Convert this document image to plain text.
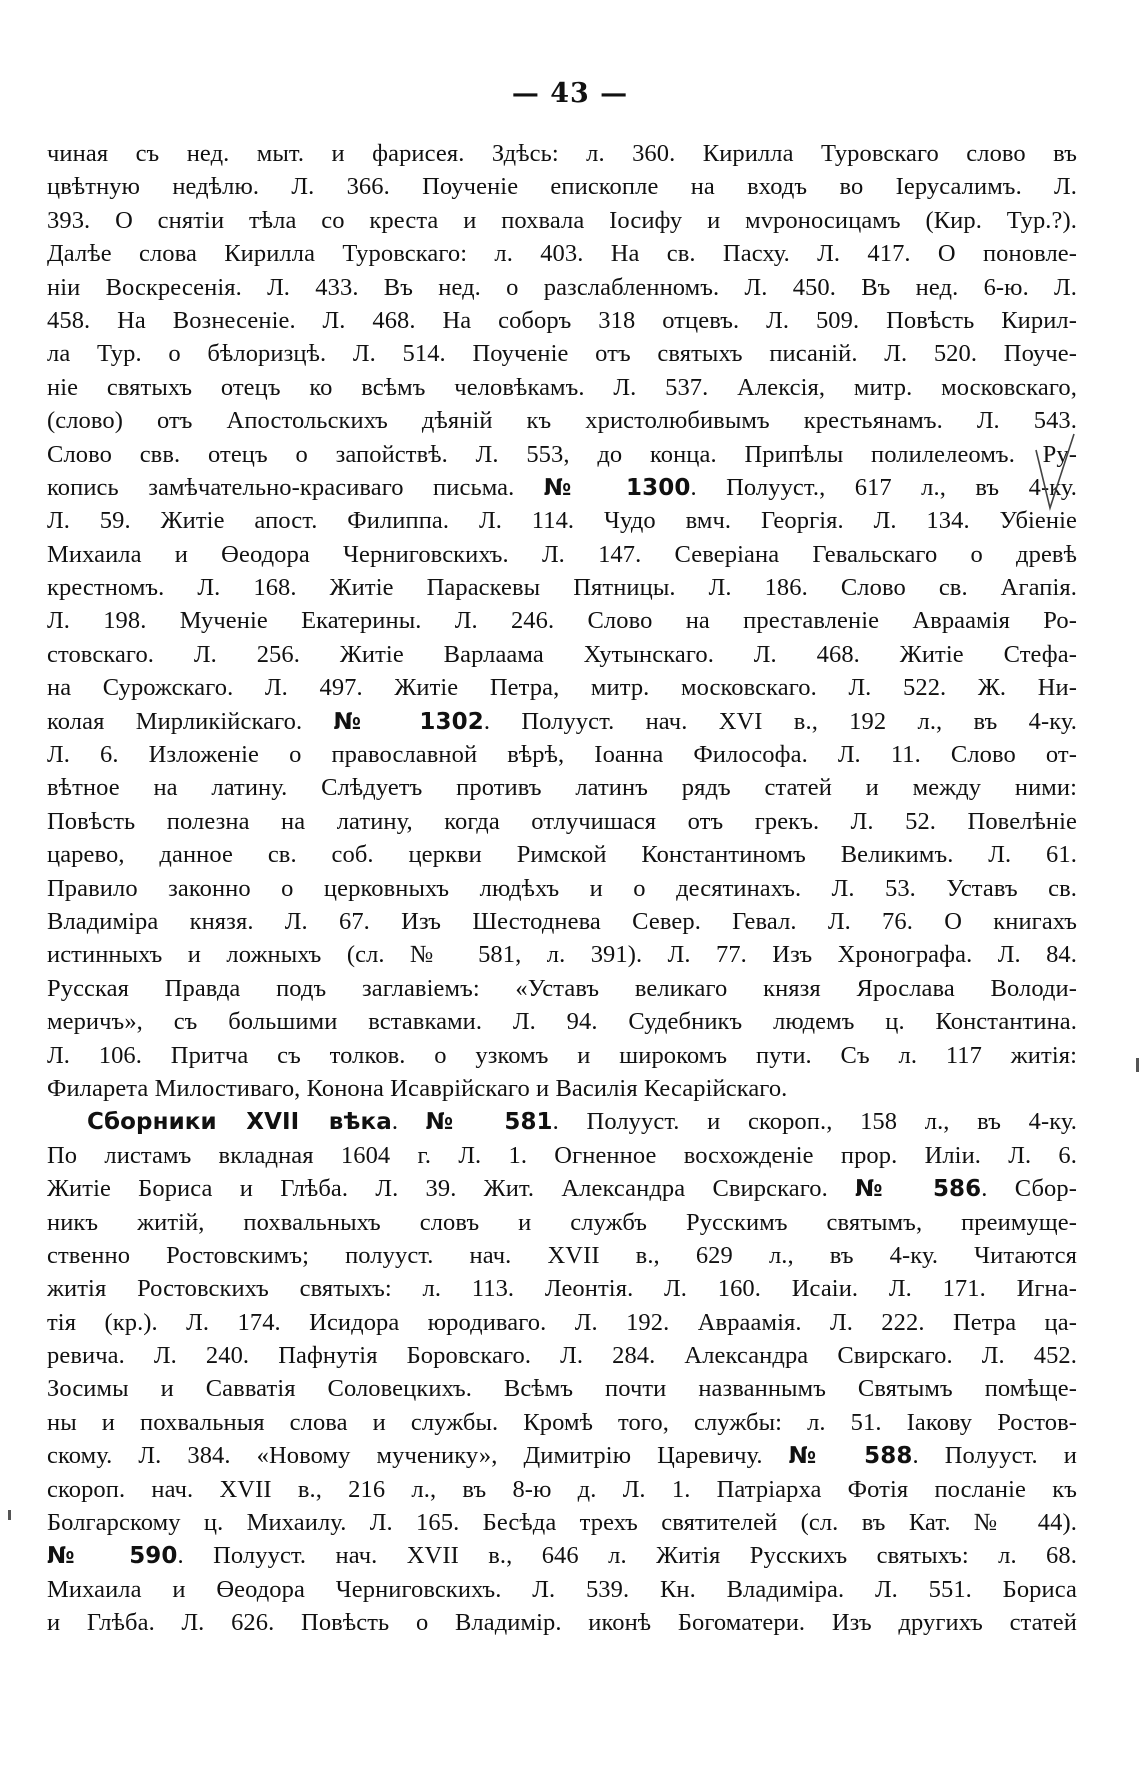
— 43 —
чиная съ нед. мыт. и фарисея. Здѣсь: л. 360. Кирилла Туровскаго слово въ
цвѣтную недѣлю. Л. 366. Поученіе епископле на входъ во Іерусалимъ. Л.
393. О снятіи тѣла со креста и похвала Іосифу и мvроносицамъ (Кир. Тур.?).
Далѣе слова Кирилла Туровскаго: л. 403. На св. Пасху. Л. 417. О поновле-
ніи Воскресенія. Л. 433. Въ нед. о разслабленномъ. Л. 450. Въ нед. 6-ю. Л.
458. На Вознесеніе. Л. 468. На соборъ 318 отцевъ. Л. 509. Повѣсть Кирил-
ла Тур. о бѣлоризцѣ. Л. 514. Поученіе отъ святыхъ писаній. Л. 520. Поуче-
ніе святыхъ отецъ ко всѣмъ человѣкамъ. Л. 537. Алексія, митр. московскаго,
(слово) отъ Апостольскихъ дѣяній къ христолюбивымъ крестьянамъ. Л. 543.
Слово свв. отецъ о запойствѣ. Л. 553, до конца. Припѣлы полилелеомъ. Ру-
копись замѣчательно-красиваго письма. № 1300. Полууст., 617 л., въ 4-ку.
Л. 59. Житіе апост. Филиппа. Л. 114. Чудо вмч. Георгія. Л. 134. Убіеніе
Михаила и Өеодора Черниговскихъ. Л. 147. Северіана Гевальскаго о древѣ
крестномъ. Л. 168. Житіе Параскевы Пятницы. Л. 186. Слово св. Агапія.
Л. 198. Мученіе Екатерины. Л. 246. Слово на преставленіе Авраамія Ро-
стовскаго. Л. 256. Житіе Варлаама Хутынскаго. Л. 468. Житіе Стефа-
на Сурожскаго. Л. 497. Житіе Петра, митр. московскаго. Л. 522. Ж. Ни-
колая Мирликійскаго. № 1302. Полууст. нач. XVI в., 192 л., въ 4-ку.
Л. 6. Изложеніе о православной вѣрѣ, Іоанна Философа. Л. 11. Слово от-
вѣтное на латину. Слѣдуетъ противъ латинъ рядъ статей и между ними:
Повѣсть полезна на латину, когда отлучишася отъ грекъ. Л. 52. Повелѣніе
царево, данное св. соб. церкви Римской Константиномъ Великимъ. Л. 61.
Правило законно о церковныхъ людѣхъ и о десятинахъ. Л. 53. Уставъ св.
Владиміра князя. Л. 67. Изъ Шестоднева Север. Гевал. Л. 76. О книгахъ
истинныхъ и ложныхъ (сл. № 581, л. 391). Л. 77. Изъ Хронографа. Л. 84.
Русская Правда подъ заглавіемъ: «Уставъ великаго князя Ярослава Володи-
меричъ», съ большими вставками. Л. 94. Судебникъ людемъ ц. Константина.
Л. 106. Притча съ толков. о узкомъ и широкомъ пути. Съ л. 117 житія:
Филарета Милостиваго, Конона Исаврійскаго и Василія Кесарійскаго.
Сборники XVII вѣка. № 581. Полууст. и скороп., 158 л., въ 4-ку.
По листамъ вкладная 1604 г. Л. 1. Огненное восхожденіе прор. Иліи. Л. 6.
Житіе Бориса и Глѣба. Л. 39. Жит. Александра Свирскаго. № 586. Сбор-
никъ житій, похвальныхъ словъ и службъ Русскимъ святымъ, преимуще-
ственно Ростовскимъ; полууст. нач. XVII в., 629 л., въ 4-ку. Читаются
житія Ростовскихъ святыхъ: л. 113. Леонтія. Л. 160. Исаіи. Л. 171. Игна-
тія (кр.). Л. 174. Исидора юродиваго. Л. 192. Авраамія. Л. 222. Петра ца-
ревича. Л. 240. Пафнутія Боровскаго. Л. 284. Александра Свирскаго. Л. 452.
Зосимы и Савватія Соловецкихъ. Всѣмъ почти названнымъ Святымъ помѣще-
ны и похвальныя слова и службы. Кромѣ того, службы: л. 51. Іакову Ростов-
скому. Л. 384. «Новому мученику», Димитрію Царевичу. № 588. Полууст. и
скороп. нач. XVII в., 216 л., въ 8-ю д. Л. 1. Патріарха Фотія посланіе къ
Болгарскому ц. Михаилу. Л. 165. Бесѣда трехъ святителей (сл. въ Кат. № 44).
№ 590. Полууст. нач. XVII в., 646 л. Житія Русскихъ святыхъ: л. 68.
Михаила и Өеодора Черниговскихъ. Л. 539. Кн. Владиміра. Л. 551. Бориса
и Глѣба. Л. 626. Повѣсть о Владимір. иконѣ Богоматери. Изъ другихъ статей
